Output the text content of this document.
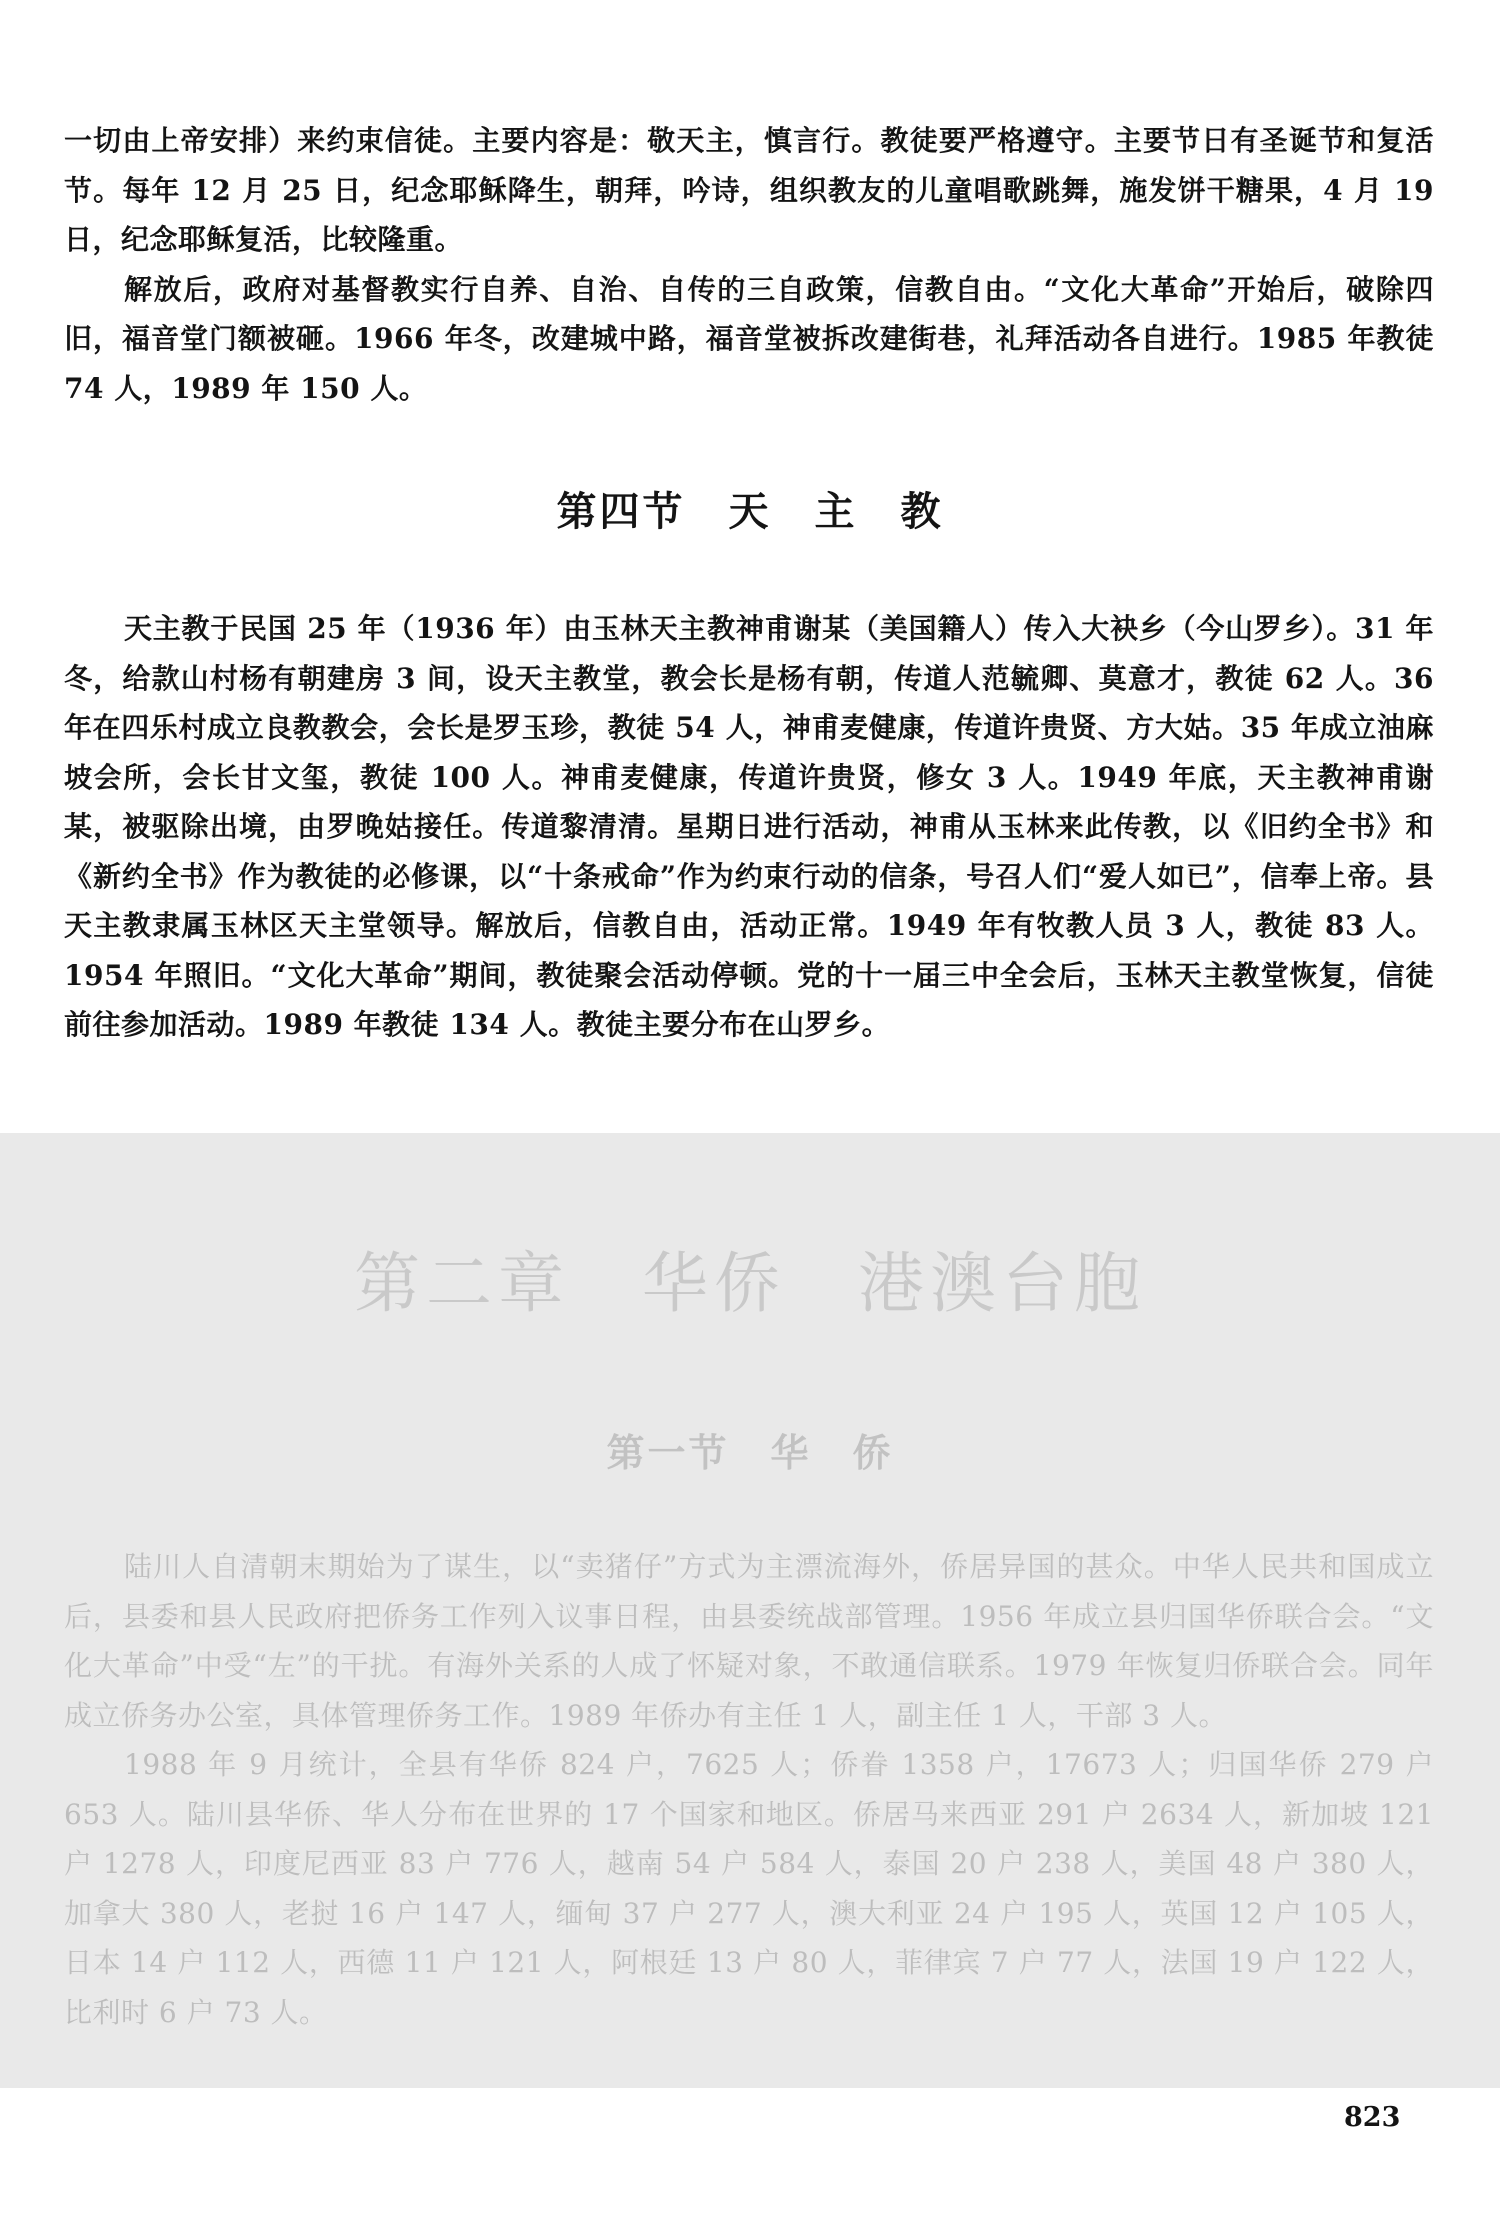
一切由上帝安排）来约束信徒。主要内容是：敬天主，慎言行。教徒要严格遵守。主要节日有圣诞节和复活节。每年 12 月 25 日，纪念耶稣降生，朝拜，吟诗，组织教友的儿童唱歌跳舞，施发饼干糖果，4 月 19 日，纪念耶稣复活，比较隆重。

解放后，政府对基督教实行自养、自治、自传的三自政策，信教自由。“文化大革命”开始后，破除四旧，福音堂门额被砸。1966 年冬，改建城中路，福音堂被拆改建街巷，礼拜活动各自进行。1985 年教徒 74 人，1989 年 150 人。

第四节　天　主　教

天主教于民国 25 年（1936 年）由玉林天主教神甫谢某（美国籍人）传入大袂乡（今山罗乡）。31 年冬，给款山村杨有朝建房 3 间，设天主教堂，教会长是杨有朝，传道人范毓卿、莫意才，教徒 62 人。36 年在四乐村成立良教教会，会长是罗玉珍，教徒 54 人，神甫麦健康，传道许贵贤、方大姑。35 年成立油麻坡会所，会长甘文玺，教徒 100 人。神甫麦健康，传道许贵贤，修女 3 人。1949 年底，天主教神甫谢某，被驱除出境，由罗晚姑接任。传道黎清清。星期日进行活动，神甫从玉林来此传教，以《旧约全书》和《新约全书》作为教徒的必修课，以“十条戒命”作为约束行动的信条，号召人们“爱人如已”，信奉上帝。县天主教隶属玉林区天主堂领导。解放后，信教自由，活动正常。1949 年有牧教人员 3 人，教徒 83 人。1954 年照旧。“文化大革命”期间，教徒聚会活动停顿。党的十一届三中全会后，玉林天主教堂恢复，信徒前往参加活动。1989 年教徒 134 人。教徒主要分布在山罗乡。

第二章　华侨　港澳台胞
第一节　华　侨

陆川人自清朝末期始为了谋生，以“卖猪仔”方式为主漂流海外，侨居异国的甚众。中华人民共和国成立后，县委和县人民政府把侨务工作列入议事日程，由县委统战部管理。1956 年成立县归国华侨联合会。“文化大革命”中受“左”的干扰。有海外关系的人成了怀疑对象，不敢通信联系。1979 年恢复归侨联合会。同年成立侨务办公室，具体管理侨务工作。1989 年侨办有主任 1 人，副主任 1 人，干部 3 人。

1988 年 9 月统计，全县有华侨 824 户，7625 人；侨眷 1358 户，17673 人；归国华侨 279 户 653 人。陆川县华侨、华人分布在世界的 17 个国家和地区。侨居马来西亚 291 户 2634 人，新加坡 121 户 1278 人，印度尼西亚 83 户 776 人，越南 54 户 584 人，泰国 20 户 238 人，美国 48 户 380 人，加拿大 380 人，老挝 16 户 147 人，缅甸 37 户 277 人，澳大利亚 24 户 195 人，英国 12 户 105 人，日本 14 户 112 人，西德 11 户 121 人，阿根廷 13 户 80 人，菲律宾 7 户 77 人，法国 19 户 122 人，比利时 6 户 73 人。

823
